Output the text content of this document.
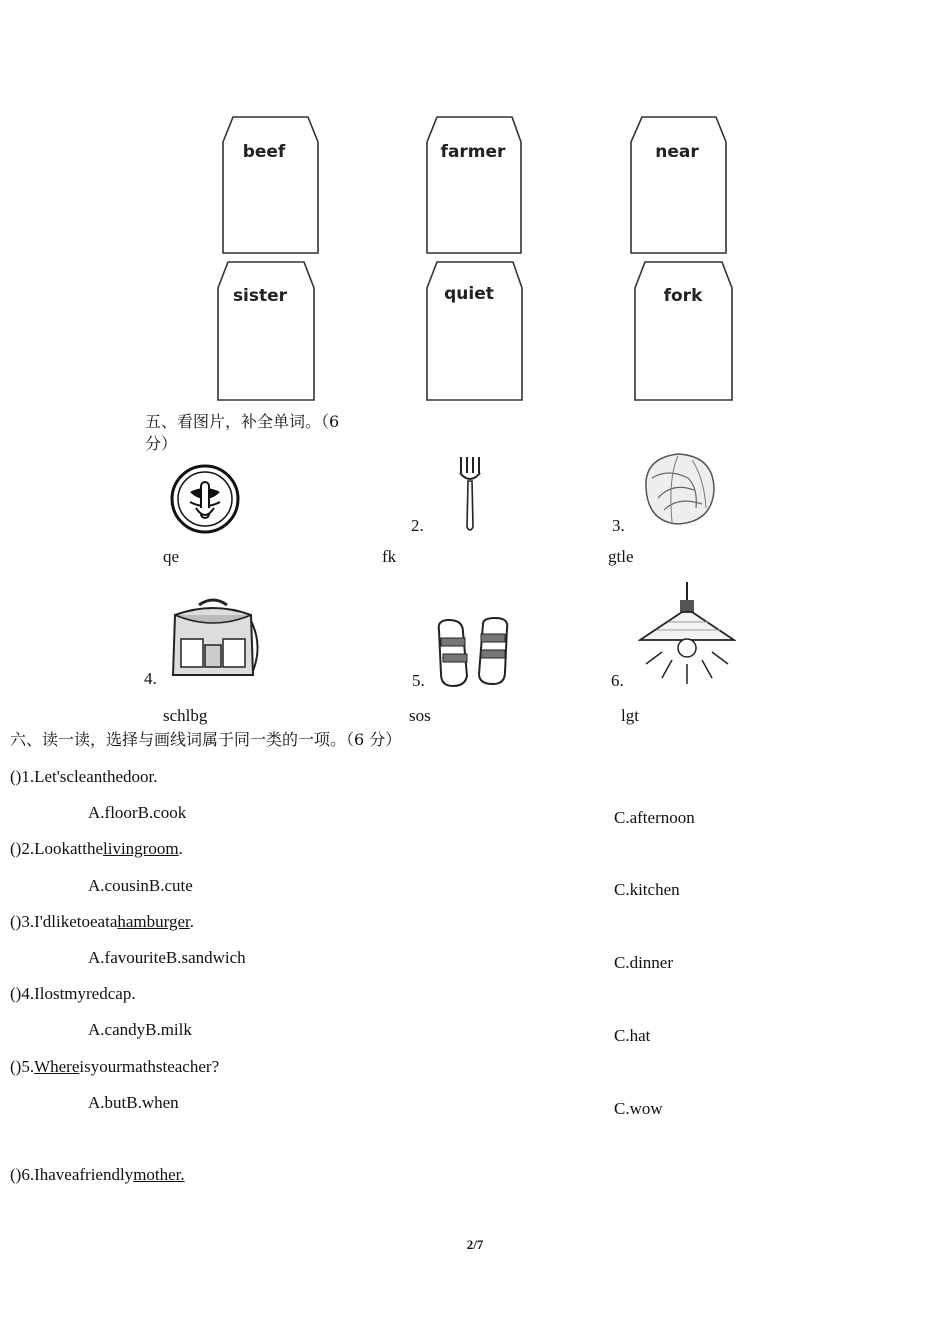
beef	farmer	near
sister	quiet	fork
五、看图片，补全单词。（6
分）
qe
2.
fk
3.
gtle
4.
schlbg
5.
sos
6.
lgt
六、读一读，选择与画线词属于同一类的一项。（6 分）
()1.Let'scleanthedoor.
A.floorB.cook	C.afternoon
()2.Lookatthelivingroom.
A.cousinB.cute	C.kitchen
()3.I'dliketoeatahamburger.
A.favouriteB.sandwich	C.dinner
()4.Ilostmyredcap.
A.candyB.milk	C.hat
()5.Whereisyourmathsteacher?
A.butB.when	C.wow
()6.Ihaveafriendlymother.
2/7
